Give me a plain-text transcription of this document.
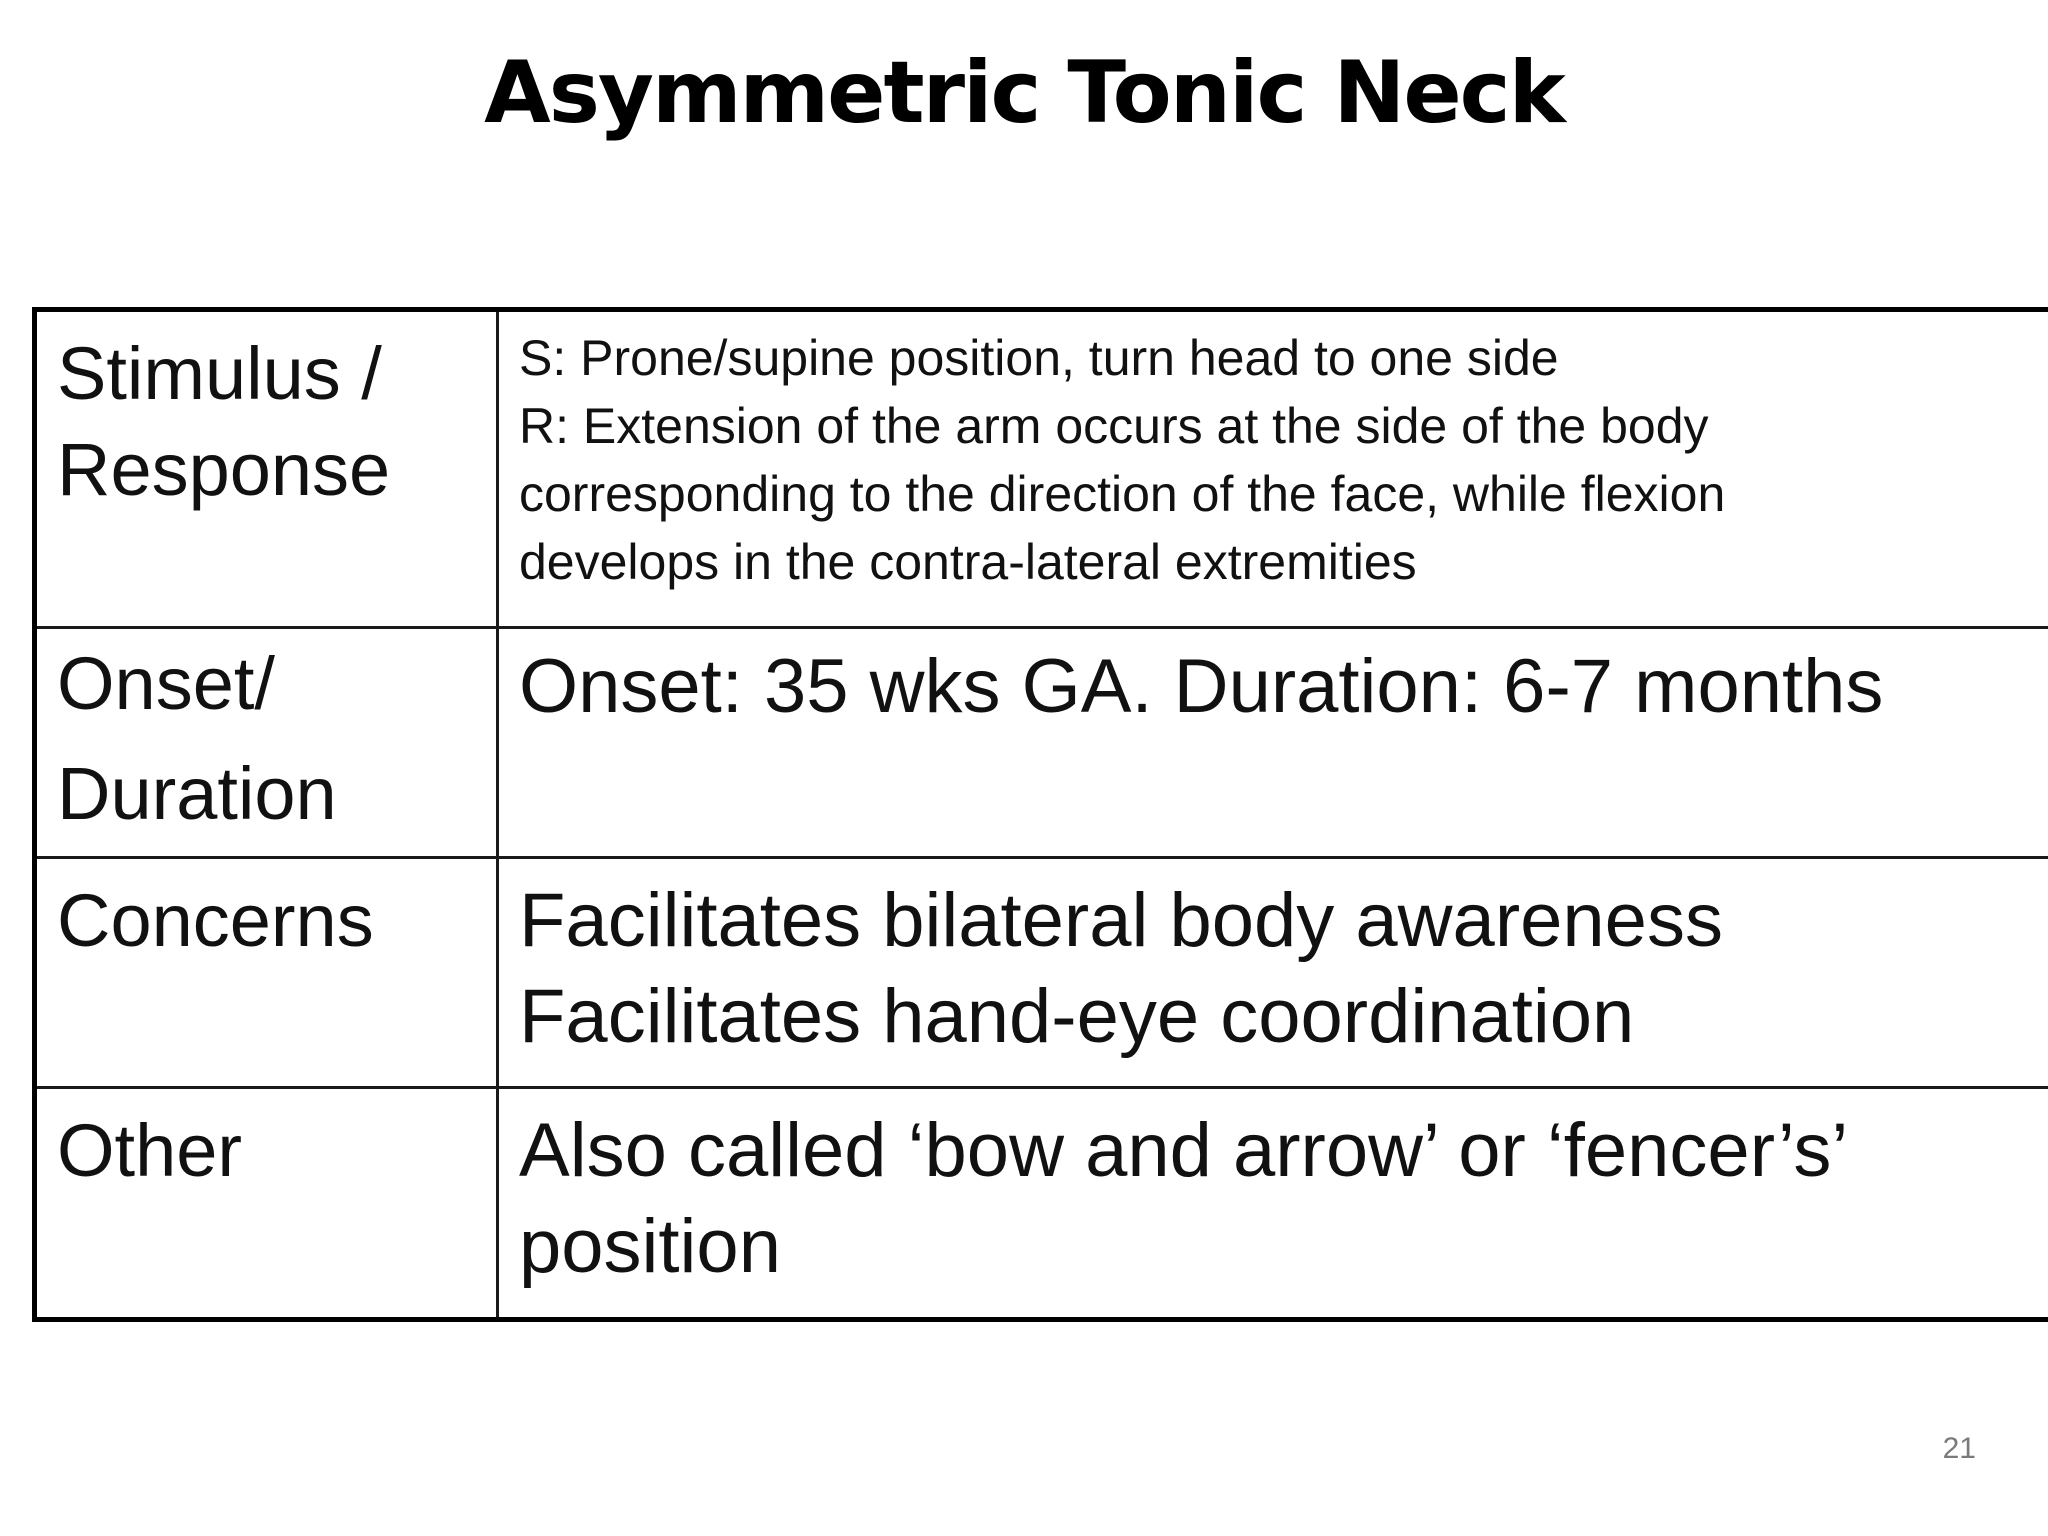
Asymmetric Tonic Neck
Stimulus /
Response	S: Prone/supine position, turn head to one side
R: Extension of the arm occurs at the side of the body
corresponding to the direction of the face, while flexion
develops in the contra-lateral extremities

Onset/
Duration	Onset: 35 wks GA. Duration: 6-7 months

Concerns	Facilitates bilateral body awareness
Facilitates hand-eye coordination

Other	Also called ‘bow and arrow’ or ‘fencer’s’
position
21
